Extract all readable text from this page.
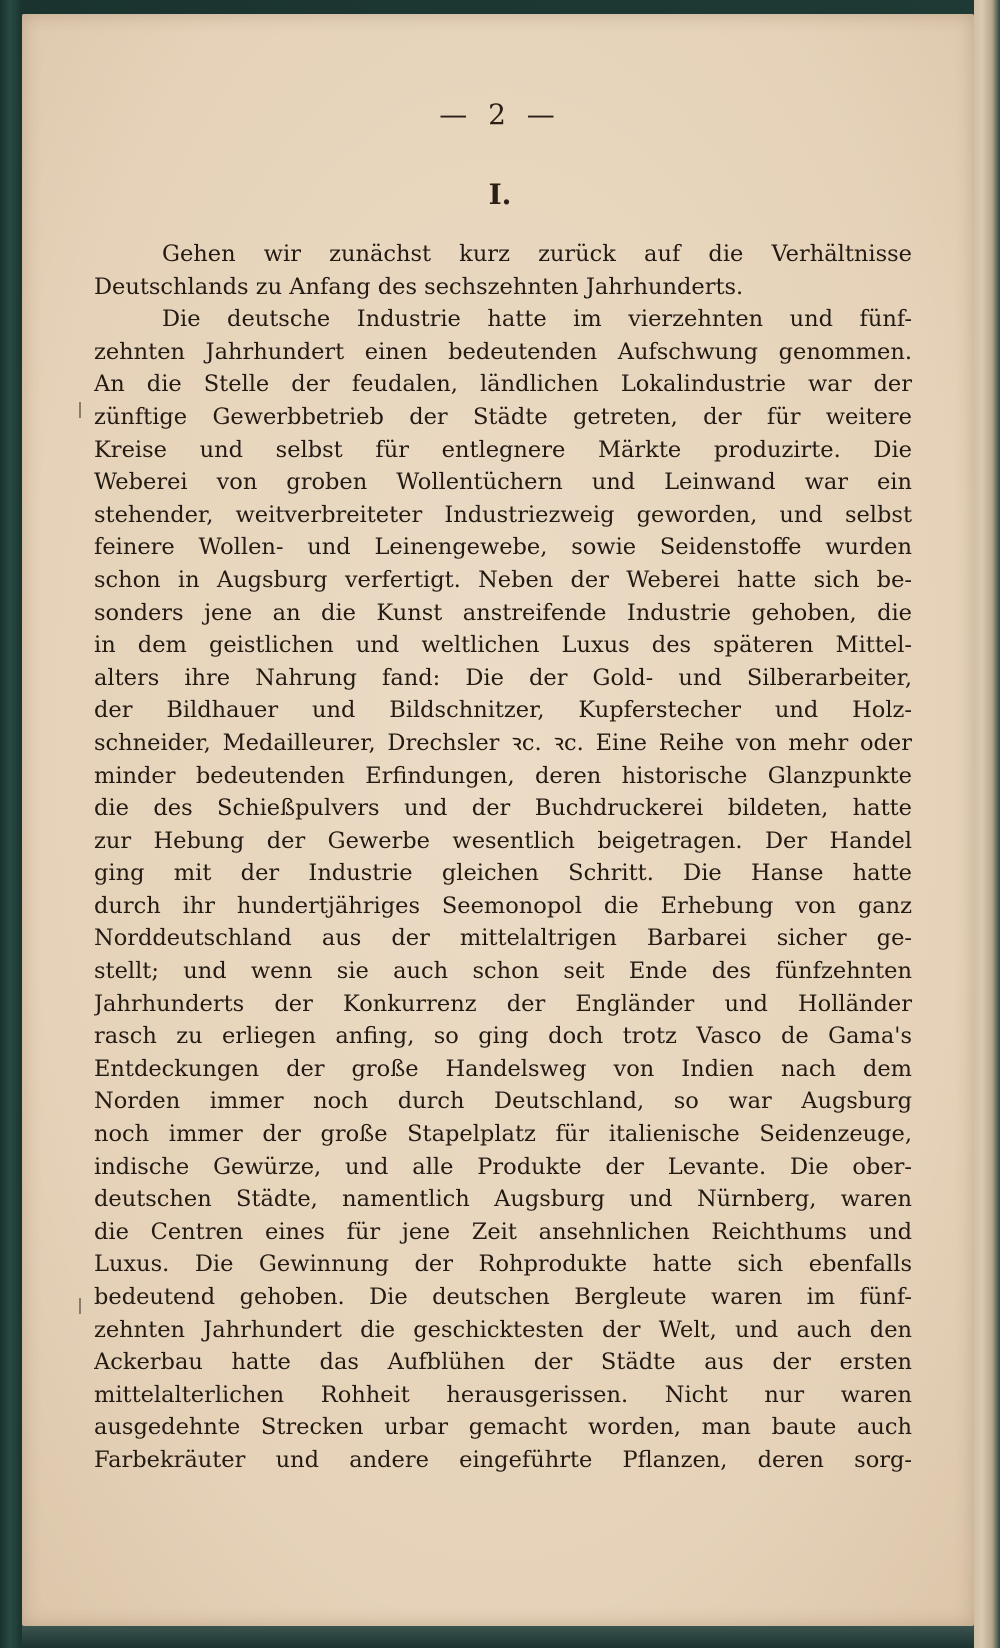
— 2 —
I.
Gehen wir zunächst kurz zurück auf die Verhältnisse
Deutschlands zu Anfang des sechszehnten Jahrhunderts.
Die deutsche Industrie hatte im vierzehnten und fünf-
zehnten Jahrhundert einen bedeutenden Aufschwung genommen.
An die Stelle der feudalen, ländlichen Lokalindustrie war der
zünftige Gewerbbetrieb der Städte getreten, der für weitere
Kreise und selbst für entlegnere Märkte produzirte. Die
Weberei von groben Wollentüchern und Leinwand war ein
stehender, weitverbreiteter Industriezweig geworden, und selbst
feinere Wollen- und Leinengewebe, sowie Seidenstoffe wurden
schon in Augsburg verfertigt. Neben der Weberei hatte sich be-
sonders jene an die Kunst anstreifende Industrie gehoben, die
in dem geistlichen und weltlichen Luxus des späteren Mittel-
alters ihre Nahrung fand: Die der Gold- und Silberarbeiter,
der Bildhauer und Bildschnitzer, Kupferstecher und Holz-
schneider, Medailleurer, Drechsler ꝛc. ꝛc. Eine Reihe von mehr oder
minder bedeutenden Erfindungen, deren historische Glanzpunkte
die des Schießpulvers und der Buchdruckerei bildeten, hatte
zur Hebung der Gewerbe wesentlich beigetragen. Der Handel
ging mit der Industrie gleichen Schritt. Die Hanse hatte
durch ihr hundertjähriges Seemonopol die Erhebung von ganz
Norddeutschland aus der mittelaltrigen Barbarei sicher ge-
stellt; und wenn sie auch schon seit Ende des fünfzehnten
Jahrhunderts der Konkurrenz der Engländer und Holländer
rasch zu erliegen anfing, so ging doch trotz Vasco de Gama's
Entdeckungen der große Handelsweg von Indien nach dem
Norden immer noch durch Deutschland, so war Augsburg
noch immer der große Stapelplatz für italienische Seidenzeuge,
indische Gewürze, und alle Produkte der Levante. Die ober-
deutschen Städte, namentlich Augsburg und Nürnberg, waren
die Centren eines für jene Zeit ansehnlichen Reichthums und
Luxus. Die Gewinnung der Rohprodukte hatte sich ebenfalls
bedeutend gehoben. Die deutschen Bergleute waren im fünf-
zehnten Jahrhundert die geschicktesten der Welt, und auch den
Ackerbau hatte das Aufblühen der Städte aus der ersten
mittelalterlichen Rohheit herausgerissen. Nicht nur waren
ausgedehnte Strecken urbar gemacht worden, man baute auch
Farbekräuter und andere eingeführte Pflanzen, deren sorg-
